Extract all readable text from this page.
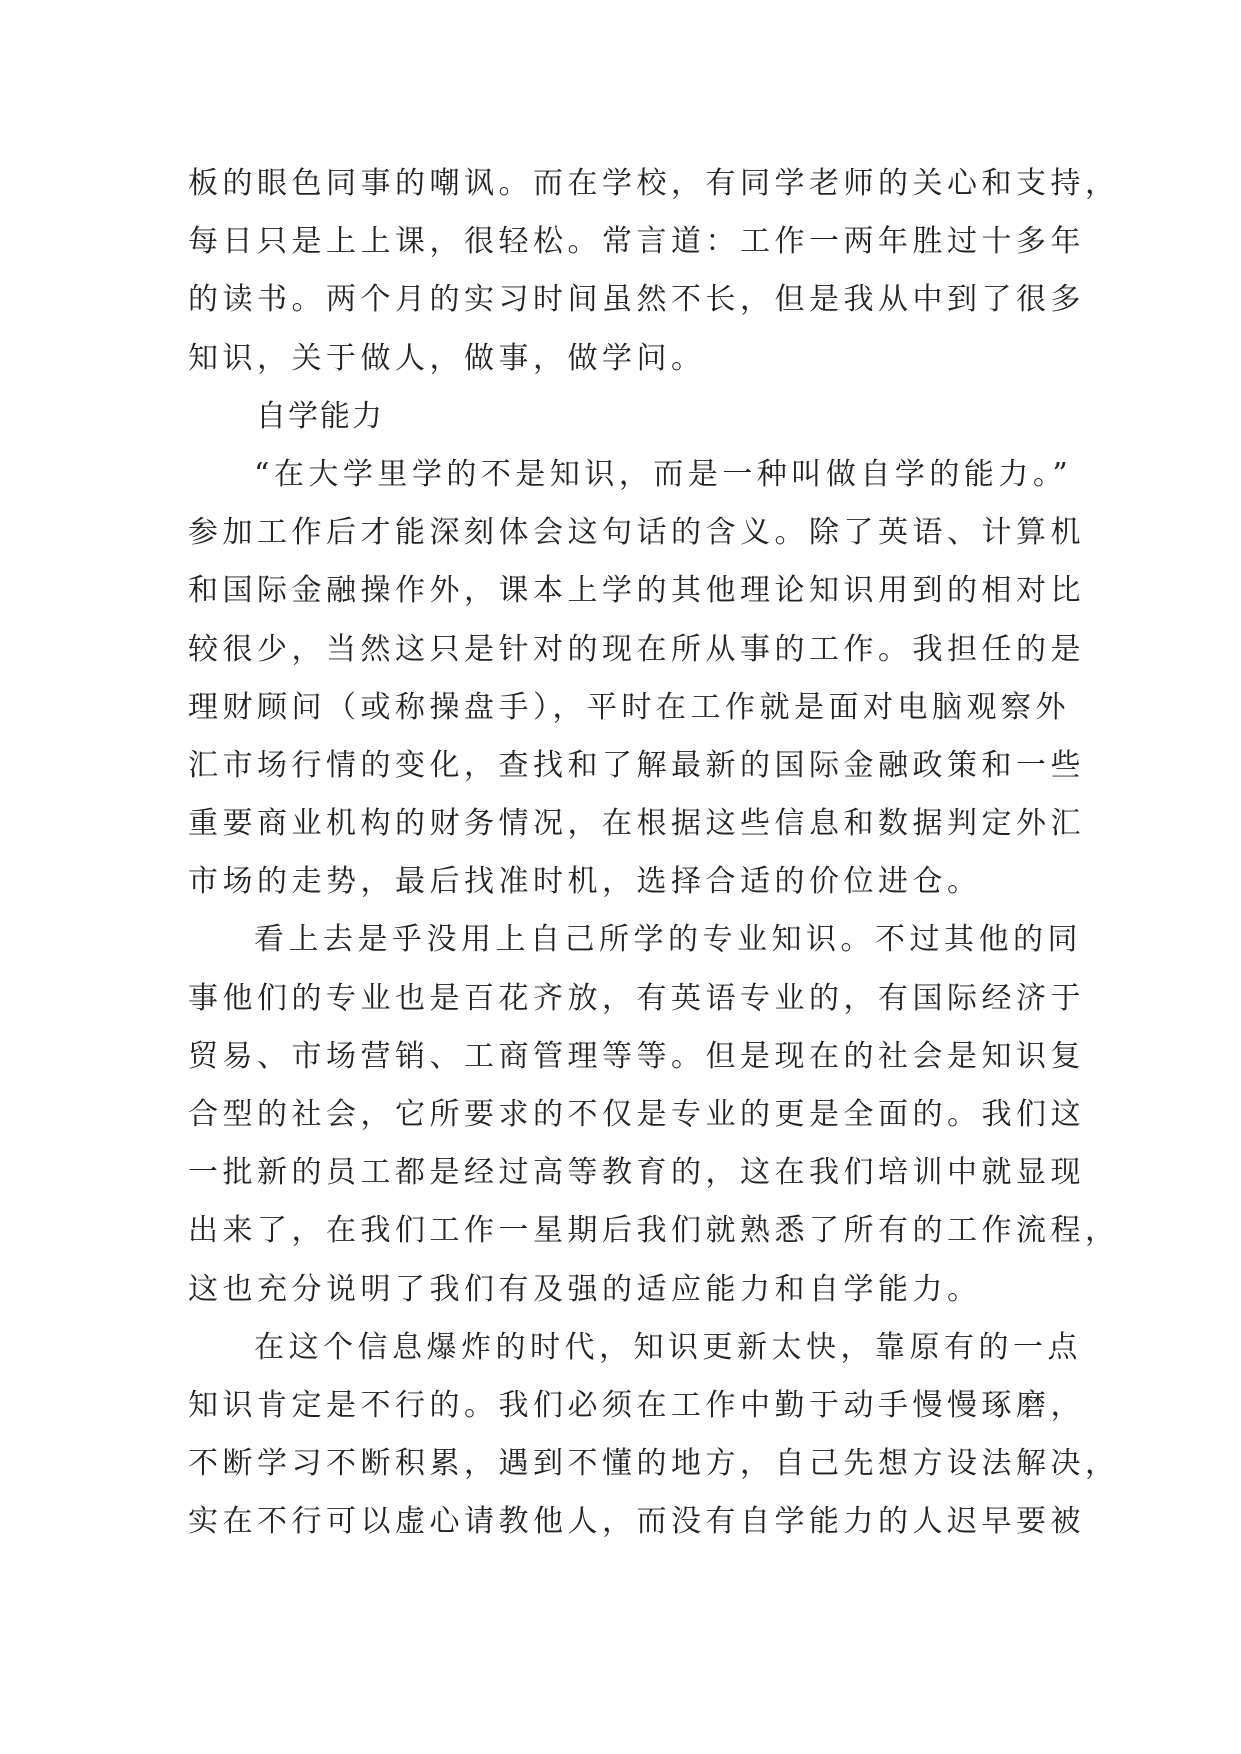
板的眼色同事的嘲讽。而在学校，有同学老师的关心和支持，
每日只是上上课，很轻松。常言道：工作一两年胜过十多年
的读书。两个月的实习时间虽然不长，但是我从中到了很多
知识，关于做人，做事，做学问。
自学能力
“在大学里学的不是知识，而是一种叫做自学的能力。”
参加工作后才能深刻体会这句话的含义。除了英语、计算机
和国际金融操作外，课本上学的其他理论知识用到的相对比
较很少，当然这只是针对的现在所从事的工作。我担任的是
理财顾问（或称操盘手），平时在工作就是面对电脑观察外
汇市场行情的变化，查找和了解最新的国际金融政策和一些
重要商业机构的财务情况，在根据这些信息和数据判定外汇
市场的走势，最后找准时机，选择合适的价位进仓。
看上去是乎没用上自己所学的专业知识。不过其他的同
事他们的专业也是百花齐放，有英语专业的，有国际经济于
贸易、市场营销、工商管理等等。但是现在的社会是知识复
合型的社会，它所要求的不仅是专业的更是全面的。我们这
一批新的员工都是经过高等教育的，这在我们培训中就显现
出来了，在我们工作一星期后我们就熟悉了所有的工作流程，
这也充分说明了我们有及强的适应能力和自学能力。
在这个信息爆炸的时代，知识更新太快，靠原有的一点
知识肯定是不行的。我们必须在工作中勤于动手慢慢琢磨，
不断学习不断积累，遇到不懂的地方，自己先想方设法解决，
实在不行可以虚心请教他人，而没有自学能力的人迟早要被
